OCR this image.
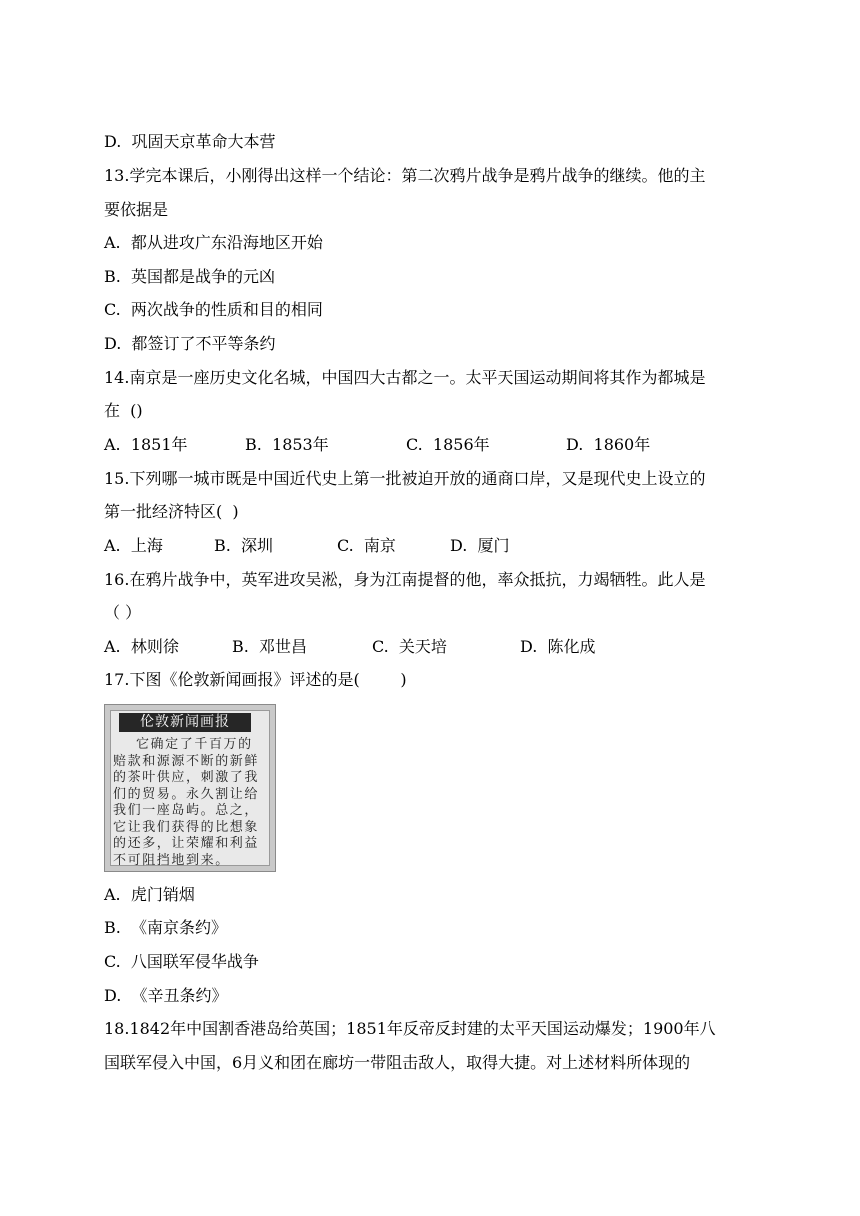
D.  巩固天京革命大本营
13.学完本课后，小刚得出这样一个结论：第二次鸦片战争是鸦片战争的继续。他的主
要依据是
A.  都从进攻广东沿海地区开始
B.  英国都是战争的元凶
C.  两次战争的性质和目的相同
D.  都签订了不平等条约
14.南京是一座历史文化名城，中国四大古都之一。太平天国运动期间将其作为都城是
在  ()
A.  1851年	B.  1853年	C.  1856年	D.  1860年
15.下列哪一城市既是中国近代史上第一批被迫开放的通商口岸，又是现代史上设立的
第一批经济特区(  )
A.  上海	B.  深圳	C.  南京	D.  厦门
16.在鸦片战争中，英军进攻吴淞，身为江南提督的他，率众抵抗，力竭牺牲。此人是
（ ）
A.  林则徐	B.  邓世昌	C.  关天培	D.  陈化成
17.下图《伦敦新闻画报》评述的是(        )
伦敦新闻画报
它确定了千百万的赔款和源源不断的新鲜的茶叶供应，刺激了我们的贸易。永久割让给我们一座岛屿。总之，它让我们获得的比想象的还多，让荣耀和利益不可阻挡地到来。
A.  虎门销烟
B.  《南京条约》
C.  八国联军侵华战争
D.  《辛丑条约》
18.1842年中国割香港岛给英国；1851年反帝反封建的太平天国运动爆发；1900年八
国联军侵入中国，6月义和团在廊坊一带阻击敌人，取得大捷。对上述材料所体现的
